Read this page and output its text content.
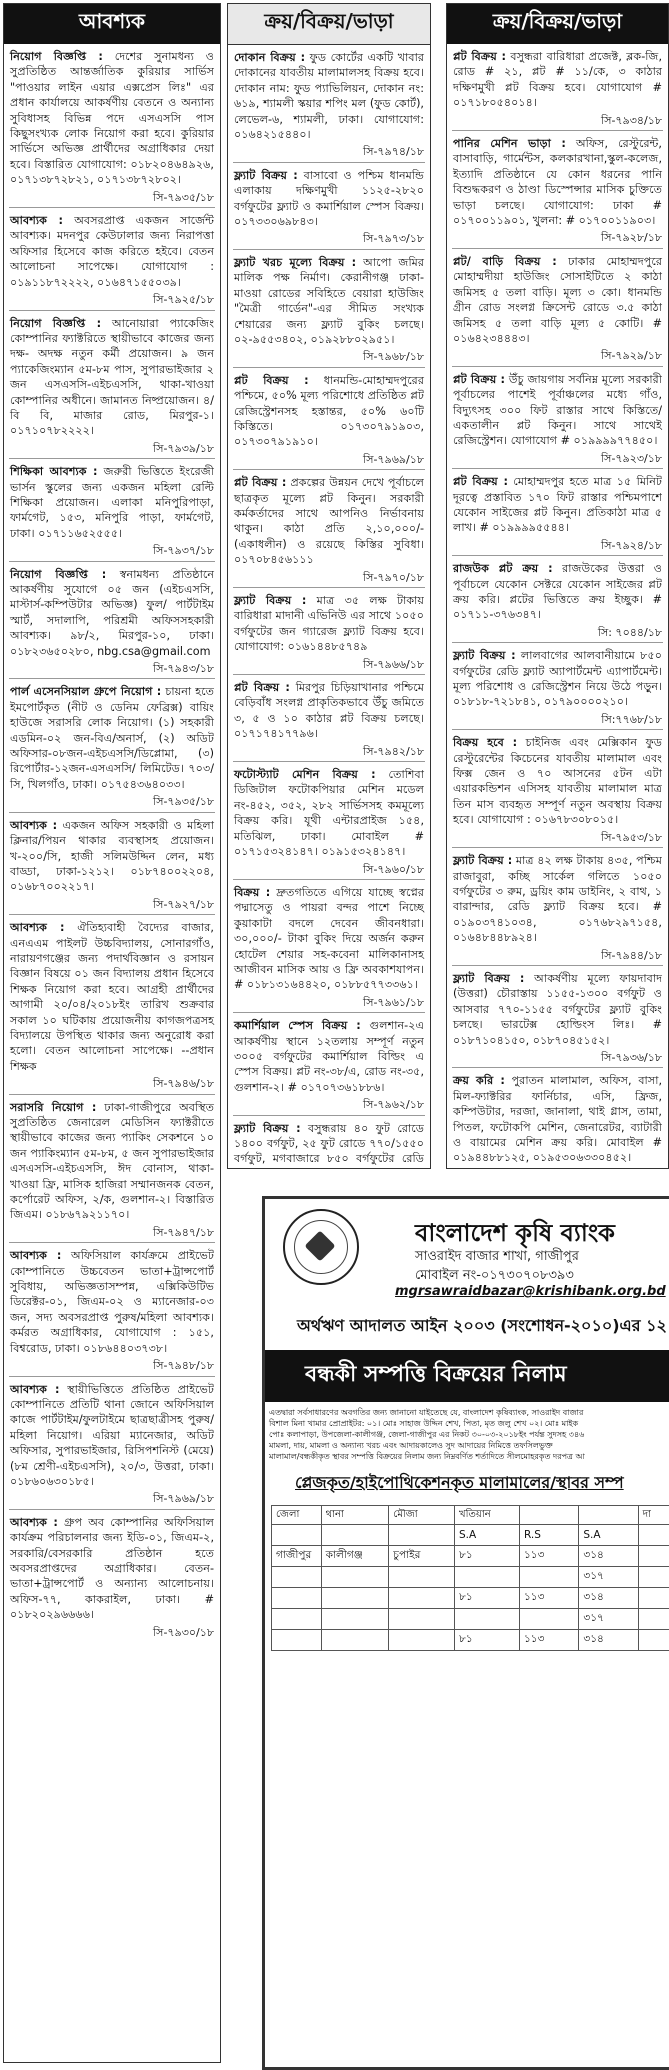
আবশ্যক
নিয়োগ বিজ্ঞপ্তি : দেশের সুনামধন্য ও সুপ্রতিষ্ঠিত আন্তর্জাতিক কুরিয়ার সার্ভিস "পাওয়ার লাইন এয়ার এক্সপ্রেস লিঃ" এর প্রধান কার্যালয়ে আকর্ষণীয় বেতনে ও অন্যান্য সুবিধাসহ বিভিন্ন পদে এসএসসি পাস কিছুসংখ্যক লোক নিয়োগ করা হবে। কুরিয়ার সার্ভিসে অভিজ্ঞ প্রার্থীদের অগ্রাধিকার দেয়া হবে। বিস্তারিত যোগাযোগ: ০১৮২০৪৬৪৯২৬, ০১৭১৩৮৭২৮২১, ০১৭১৩৮৭২৮০২।
সি-৭৯৩৫/১৮
আবশ্যক : অবসরপ্রাপ্ত একজন সার্জেন্ট আবশ্যক। মদনপুর কেউঢালার জন্য নিরাপত্তা অফিসার হিসেবে কাজ করিতে হইবে। বেতন আলোচনা সাপেক্ষে। যোগাযোগ : ০১৯১১৮৭২২২২, ০১৬৪৭১৫৫০৩৯।
সি-৭৯২৫/১৮
নিয়োগ বিজ্ঞপ্তি : আনোয়ারা প্যাকেজিং কোম্পানির ফ্যাক্টরিতে স্থায়ীভাবে কাজের জন্য দক্ষ- অদক্ষ নতুন কর্মী প্রয়োজন। ৯ জন প্যাকেজিংম্যান ৫ম-৮ম পাস, সুপারভাইজার ২ জন এসএসসি-এইচএসসি, থাকা-খাওয়া কোম্পানির অধীনে। জামানত নিষ্প্রয়োজন। ৪/বি বি, মাজার রোড, মিরপুর-১। ০১৭১০৭৮২২২২।
সি-৭৯৩৯/১৮
শিক্ষিকা আবশ্যক : জরুরী ভিত্তিতে ইংরেজী ভার্সন স্কুলের জন্য একজন মহিলা রেল্টি শিক্ষিকা প্রয়োজন। এলাকা মনিপুরিপাড়া, ফার্মগেট, ১৫৩, মনিপুরি পাড়া, ফার্মগেট, ঢাকা। ০১৭১১৬৫২৫৫৫।
সি-৭৯৩৭/১৮
নিয়োগ বিজ্ঞপ্তি : স্বনামধন্য প্রতিষ্ঠানে আকর্ষণীয় সুযোগে ০৫ জন (এইচএসসি, মাস্টার্স-কম্পিউটার অভিজ্ঞ) ফুল/ পার্টটাইম স্মার্ট, সদালাপি, পরিশ্রমী অফিসসহকারী আবশ্যক। ৯৮/২, মিরপুর-১০, ঢাকা। ০১৮২৩৬৫০২৮০, nbg.csa@gmail.com
সি-৭৯৪৩/১৮
পার্ল এসেনসিয়াল গ্রুপে নিয়োগ : চায়না হতে ইমপোর্টকৃত (নীট ও ডেনিম ফেব্রিক্স) বায়িং হাউজে সরাসরি লোক নিয়োগ। (১) সহকারী এডমিন-০২ জন-বিএ/অনার্স, (২) অডিট অফিসার-০৮জন-এইচএসসি/ডিপ্লোমা, (৩) রিপোর্টার-১২জন-এসএসসি/ লিমিটেড। ৭০৩/সি, খিলগাঁও, ঢাকা। ০১৭৫৪৩৬৪০৩৩।
সি-৭৯৩৫/১৮
আবশ্যক : একজন অফিস সহকারী ও মহিলা ক্লিনার/পিয়ন থাকার ব্যবস্থাসহ প্রয়োজন। খ-২০০/সি, হাজী সলিমউদ্দিন লেন, মধ্য বাড্ডা, ঢাকা-১২১২। ০১৮৭৪০০২২০৪, ০১৬৮৭০০২২১৭।
সি-৭৯২৭/১৮
আবশ্যক : ঐতিহ্যবাহী বৈদ্যের বাজার, এনএএম পাইলট উচ্চবিদ্যালয়, সোনারগাঁও, নারায়ণগঞ্জের জন্য পদার্থবিজ্ঞান ও রসায়ন বিজ্ঞান বিষয়ে ০১ জন বিদ্যালয় প্রধান হিসেবে শিক্ষক নিয়োগ করা হবে। আগ্রহী প্রার্থীদের আগামী ২০/০৪/২০১৮ইং তারিখ শুক্রবার সকাল ১০ ঘটিকায় প্রয়োজনীয় কাগজপত্রসহ বিদ্যালয়ে উপস্থিত থাকার জন্য অনুরোধ করা হলো। বেতন আলোচনা সাপেক্ষে। --প্রধান শিক্ষক
সি-৭৯৪৬/১৮
সরাসরি নিয়োগ : ঢাকা-গাজীপুরে অবস্থিত সুপ্রতিষ্ঠিত জেনারেল মেডিসিন ফ্যাক্টরীতে স্থায়ীভাবে কাজের জন্য প্যাকিং সেকশনে ১০ জন প্যাকিংম্যান ৫ম-৮ম, ৫ জন সুপারভাইজার এসএসসি-এইচএসসি, ঈদ বোনাস, থাকা-খাওয়া ফ্রি, মাসিক হাজিরা সম্মানজনক বেতন, কর্পোরেট অফিস, ২/ক, গুলশান-২। বিস্তারিত জিএম। ০১৮৬৭৯২১১৭০।
সি-৭৯৪৭/১৮
আবশ্যক : অফিসিয়াল কার্যক্রমে প্রাইভেট কোম্পানিতে উচ্চবেতন ভাতা+ট্রান্সপোর্ট সুবিধায়, অভিজ্ঞতাসম্পন্ন, এক্সিকিউটিভ ডিরেক্টর-০১, জিএম-০২ ও ম্যানেজার-০৩ জন, সদ্য অবসরপ্রাপ্ত পুরুষ/মহিলা আবশ্যক। কর্মরত অগ্রাধিকার, যোগাযোগ : ১৫১, বিশ্বরোড, ঢাকা। ০১৮৬৪৪০৩৭৩৮।
সি-৭৯৪৮/১৮
আবশ্যক : স্থায়ীভিত্তিতে প্রতিষ্ঠিত প্রাইভেট কোম্পানিতে প্রতিটি থানা জোনে অফিসিয়াল কাজে পার্টটাইম/ফুলটাইমে ছাত্রছাত্রীসহ পুরুষ/মহিলা নিয়োগ। এরিয়া ম্যানেজার, অডিট অফিসার, সুপারভাইজার, রিসিপশনিস্ট (মেয়ে) (৮ম শ্রেণী-এইচএসসি), ২০/৩, উত্তরা, ঢাকা। ০১৮৬০৬৩০১৮৫।
সি-৭৯৬৯/১৮
আবশ্যক : গ্রুপ অব কোম্পানির অফিসিয়াল কার্যক্রম পরিচালনার জন্য ইডি-০১, জিএম-২, সরকারি/বেসরকারি প্রতিষ্ঠান হতে অবসরপ্রাপ্তদের অগ্রাধিকার। বেতন-ভাতা+ট্রান্সপোর্ট ও অন্যান্য আলোচনায়। অফিস-৭৭, কাকরাইল, ঢাকা। # ০১৮২০২৯৬৬৬৬।
সি-৭৯৩০/১৮
ক্রয়/বিক্রয়/ভাড়া
দোকান বিক্রয় : ফুড কোর্টের একটি খাবার দোকানের যাবতীয় মালামালসহ বিক্রয় হবে। দোকান নাম: ফুড প্যাভিলিয়ন, দোকান নং: ৬১৯, শ্যামলী স্কয়ার শপিং মল (ফুড কোর্ট), লেভেল-৬, শ্যামলী, ঢাকা। যোগাযোগ: ০১৬৪২১৫৪৪০।
সি-৭৯৭৪/১৮
ফ্ল্যাট বিক্রয় : বাসাবো ও পশ্চিম ধানমন্ডি এলাকায় দক্ষিণমুখী ১১২৫-২৮২০ বর্গফুটের ফ্ল্যাট ও কমার্শিয়াল স্পেস বিক্রয়। ০১৭৩৩০৬৯৮৪৩।
সি-৭৯৭৩/১৮
ফ্ল্যাট খরচ মূল্যে বিক্রয় : আপো জমির মালিক পক্ষ নির্মাণ। কেরানীগঞ্জ ঢাকা-মাওয়া রোডের সবিহিতে বেয়ারা হাউজিং "মৈত্রী গার্ডেন"-এর সীমিত সংখ্যক শেয়ারের জন্য ফ্ল্যাট বুকিং চলছে। ০২-৯৫৫৩৪০২, ০১৯২৮৮০২৯৫১।
সি-৭৯৬৮/১৮
প্লট বিক্রয় : ধানমন্ডি-মোহাম্মদপুরের পশ্চিমে, ৫০% মূল্য পরিশোধে প্রতিষ্ঠিত প্লট রেজিস্ট্রেশনসহ হস্তান্তর, ৫০% ৬০টি কিস্তিতে। ০১৭৩০৭৯১৯০৩, ০১৭৩০৭৯১৯১০।
সি-৭৯৬৯/১৮
প্লট বিক্রয় : প্রকল্পের উন্নয়ন দেখে পূর্বাচলে ছাত্রকৃত মূল্যে প্লট কিনুন। সরকারী কর্মকর্তাদের সাথে আপনিও নির্ভাবনায় থাকুন। কাঠা প্রতি ২,১০,০০০/- (একাধলীন) ও রয়েছে কিস্তির সুবিধা। ০১৭০৮৪৫৬১১১
সি-৭৯৭০/১৮
ফ্ল্যাট বিক্রয় : মাত্র ৩৫ লক্ষ টাকায় বারিধারা মাদানী এভিনিউ এর সাথে ১০৫০ বর্গফুটের জন গ্যারেজ ফ্ল্যাট বিক্রয় হবে। যোগাযোগ: ০১৬১৪৪৮৫৭৪৯
সি-৭৯৬৬/১৮
প্লট বিক্রয় : মিরপুর চিড়িয়াখানার পশ্চিমে বেড়িবাঁধ সংলগ্ন প্রাকৃতিকভাবে উঁচু জমিতে ৩, ৫ ও ১০ কাঠার প্লট বিক্রয় চলছে। ০১৭১৭৪১৭৭৯৬।
সি-৭৯৪২/১৮
ফটোস্ট্যাট মেশিন বিক্রয় : তোশিবা ডিজিটাল ফটোকপিয়ার মেশিন মডেল নং-৪৫২, ৩৫২, ২৮২ সার্ভিসসহ কমমূল্যে বিক্রয় করি। যূথী এন্টারপ্রাইজ ১৫৪, মতিঝিল, ঢাকা। মোবাইল # ০১৭১৫৩২৪১৪৭। ০১৯১৫৩২৪১৪৭।
সি-৭৯৬০/১৮
বিক্রয় : দ্রুতগতিতে এগিয়ে যাচ্ছে স্বপ্নের পদ্মাসেতু ও পায়রা বন্দর পাশে নিচ্ছে কুয়াকাটা বদলে দেবেন জীবনধারা। ৩০,০০০/- টাকা বুকিং দিয়ে অর্জন করুন হোটেল শেয়ার সহ-কবেনা মালিকানাসহ আজীবন মাসিক আয় ও ফ্রি অবকাশযাপন। # ০১৮১৩১৬৪৪২০, ০১৮৮৫৭৭৩৩৬১।
সি-৭৯৬১/১৮
কমার্শিয়াল স্পেস বিক্রয় : গুলশান-২এ আকর্ষণীয় স্থানে ১২তলায় সম্পূর্ণ নতুন ৩০০৫ বর্গফুটের কমার্শিয়াল বিল্ডিং এ স্পেস বিক্রয়। প্লট নং-৩৮/এ, রোড নং-৩৫, গুলশান-২। # ০১৭০৭৩৬১৮৮৬।
সি-৭৯৬২/১৮
ফ্ল্যাট বিক্রয় : বসুন্ধরায় ৪০ ফুট রোডে ১৪০০ বর্গফুট, ২৫ ফুট রোডে ৭৭০/১৫৫০ বর্গফুট, মগবাজারে ৮৫০ বর্গফুটের রেডি
ক্রয়/বিক্রয়/ভাড়া
প্লট বিক্রয় : বসুন্ধরা বারিধারা প্রজেক্ট, ব্লক-জি, রোড # ২১, প্লট # ১১/কে, ৩ কাঠার দক্ষিণমুখী প্লট বিক্রয় হবে। যোগাযোগ # ০১৭১৮০৫৪০১৪।
সি-৭৯৩৪/১৮
পানির মেশিন ভাড়া : অফিস, রেস্টুরেন্ট, বাসাবাড়ি, গার্মেন্টস, কলকারখানা,স্কুল-কলেজ, ইত্যাদি প্রতিষ্ঠানে যে কোন ধরনের পানি বিশুদ্ধকরণ ও ঠাণ্ডা ডিস্পেন্সার মাসিক চুক্তিতে ভাড়া চলছে। যোগাযোগ: ঢাকা # ০১৭০০১১৯০১, খুলনা: # ০১৭০০১১৯০৩।
সি-৭৯২৮/১৮
প্লট/ বাড়ি বিক্রয় : ঢাকার মোহাম্মদপুরে মোহাম্মদীয়া হাউজিং সোসাইটিতে ২ কাঠা জমিসহ ৫ তলা বাড়ি। মূল্য ৩ কো। ধানমন্ডি গ্রীন রোড সংলগ্ন ক্রিসেন্ট রোডে ৩.৫ কাঠা জমিসহ ৫ তলা বাড়ি মূল্য ৫ কোটি। # ০১৬৪২৩৪৪৪৩।
সি-৭৯২৯/১৮
প্লট বিক্রয় : উঁচু জায়গায় সর্বনিম্ন মূল্যে সরকারী পূর্বাচলের পাশেই পূর্বাঞ্চলের মধ্যে গাঁও, বিদ্যুৎসহ ৩০০ ফিট রাস্তার সাথে কিস্তিতে/একতালীন প্লট কিনুন। সাথে সাথেই রেজিস্ট্রেশন। যোগাযোগ # ০১৯৯৯৯৭৭৪৫০।
সি-৭৯২৩/১৮
প্লট বিক্রয় : মোহাম্মদপুর হতে মাত্র ১৫ মিনিট দূরত্বে প্রস্তাবিত ১৭০ ফিট রাস্তার পশ্চিমপাশে যেকোন সাইজের প্লট কিনুন। প্রতিকাঠা মাত্র ৫ লাখ। # ০১৯৯৯৯৫৫৪৪।
সি-৭৯২৪/১৮
রাজউক প্লট ক্রয় : রাজউকের উত্তরা ও পূর্বাচলে যেকোন সেক্টরে যেকোন সাইজের প্লট ক্রয় করি। প্লটের ভিত্তিতে ক্রয় ইচ্ছুক। # ০১৭১১-৩৭৬৩৪৭।
সি: ৭০৪৪/১৮
ফ্ল্যাট বিক্রয় : লালবাগের আলবানীয়ামে ৮৫০ বর্গফুটের রেডি ফ্ল্যাট অ্যাপার্টমেন্ট এ্যাপার্টমেন্ট। মূল্য পরিশোধ ও রেজিস্ট্রেশন নিয়ে উঠে পড়ুন। ০১৮১৮-৭২১৮৪১, ০১৭৯০০০০২১০।
সি:৭৭৬৮/১৮
বিক্রয় হবে : চাইনিজ এবং মেক্সিকান ফুড রেস্টুরেন্টের কিচেনের যাবতীয় মালামাল এবং ফিক্স জেন ও ৭০ আসনের ৫টন এটা এয়ারকন্ডিশন এসিসহ যাবতীয় মালামাল মাত্র তিন মাস ব্যবহৃত সম্পূর্ণ নতুন অবস্থায় বিক্রয় হবে। যোগাযোগ : ০১৬৭৮৩০৮০১৫।
সি-৭৯৫৩/১৮
ফ্ল্যাট বিক্রয় : মাত্র ৪২ লক্ষ টাকায় ৪৩৫, পশ্চিম রাজাবুরা, কচ্ছি সার্কেল গলিতে ১০৫০ বর্গফুটের ৩ রুম, ড্রয়িং কাম ডাইনিং, ২ বাথ, ১ বারান্দার, রেডি ফ্ল্যাট বিক্রয় হবে। # ০১৯০৩৭৪১০৩৪, ০১৭৬৮২৯৭১৫৪, ০১৬৪৮৪৪৮৯২৪।
সি-৭৯৪৪/১৮
ফ্ল্যাট বিক্রয় : আকর্ষণীয় মূল্যে ফায়দাবাদ (উত্তরা) চৌরাস্তায় ১১৫৫-১৩০০ বর্গফুট ও আসবার ৭৭০-১১৫৫ বর্গফুটের ফ্ল্যাট বুকিং চলছে। ভারটেক্স হোল্ডিংস লিঃ। # ০১৮৭১০৪১৫০, ০১৮৭০৪৫১৫২।
সি-৭৯৩৬/১৮
ক্রয় করি : পুরাতন মালামাল, অফিস, বাসা, মিল-ফ্যাক্টরির ফার্নিচার, এসি, ফ্রিজ, কম্পিউটার, দরজা, জানালা, থাই গ্লাস, তামা, পিতল, ফটোকপি মেশিন, জেনারেটর, ব্যাটারী ও বায়ামের মেশিন ক্রয় করি। মোবাইল # ০১৯৪৪৮৮১২৫, ০১৯৫৩০৬৩৩০৪৫২।
বাংলাদেশ কৃষি ব্যাংক
সাওরাইদ বাজার শাখা, গাজীপুর
মোবাইল নং-০১৭৩০৭০৮৩৯৩
mgrsawraidbazar@krishibank.org.bd
অর্থঋণ আদালত আইন ২০০৩ (সংশোধন-২০১০)এর ১২
বন্ধকী সম্পত্তি বিক্রয়ের নিলাম
এতদ্বারা সর্বসাধারণের অবগতির জন্য জানানো যাইতেছে যে, বাংলাদেশ কৃষিব্যাংক, সাওরাইদ বাজার
বিশাল মিনা খামার প্রোপ্রাইটর: ০১। মোঃ সাহাজ উদ্দিন শেখ, পিতা, মৃত জলু শেখ ০২। মোঃ মাইক
পোঃ কলাপাড়া, উপজেলা-কালীগঞ্জ, জেলা-গাজীপুর এর নিকট ৩০-০৩-২০১৮ইং পর্যন্ত সুদসহ ৩৪৬
মামলা, দায়, মামলা ও অন্যান্য খরচ এবং আদায়কালেও সুদ আদায়ের নিমিত্তে তফসিলভুক্ত
মালামাল/বন্ধকীকৃত স্থাবর সম্পত্তি বিক্রয়ের নিলাম জন্য নিম্নবর্ণিত শর্তাদিতে সীলমোহরকৃত দরপত্র আ
প্লেজকৃত/হাইপোথিকেশনকৃত মালামালের/স্থাবর সম্প
জেলা	থানা	মৌজা	খতিয়ান			দা
			S.A	R.S	S.A	
গাজীপুর	কালীগঞ্জ	চুপাইর	৮১	১১৩	৩১৪	
					৩১৭	
			৮১	১১৩	৩১৪	
					৩১৭	
			৮১	১১৩	৩১৪	
